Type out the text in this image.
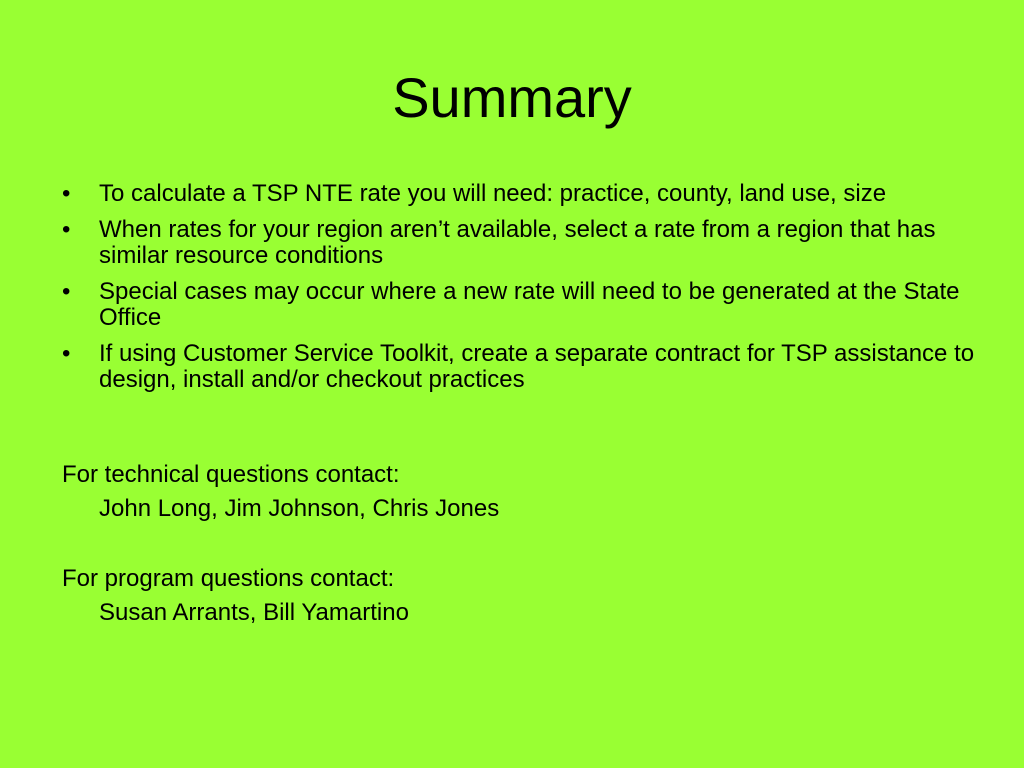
Summary
• To calculate a TSP NTE rate you will need: practice, county, land use, size
• When rates for your region aren’t available, select a rate from a region that has similar resource conditions
• Special cases may occur where a new rate will need to be generated at the State Office
• If using Customer Service Toolkit, create a separate contract for TSP assistance to design, install and/or checkout practices
For technical questions contact:
John Long, Jim Johnson, Chris Jones
For program questions contact:
Susan Arrants, Bill Yamartino
